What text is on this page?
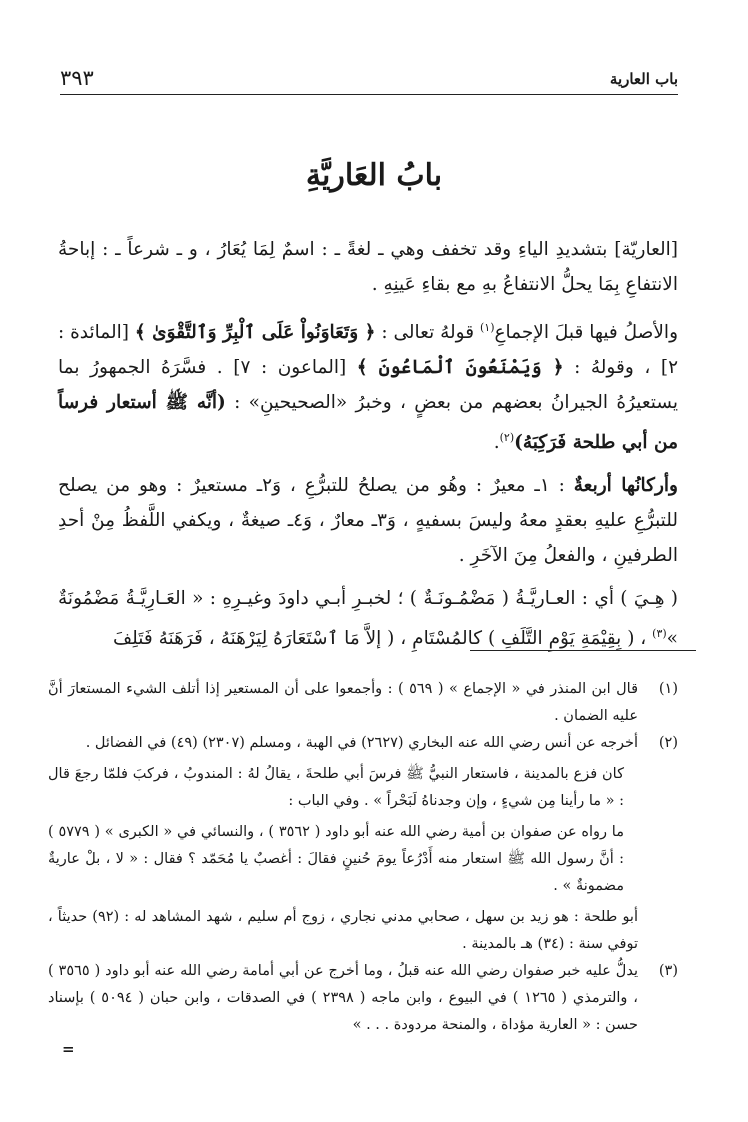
٣٩٣	باب العارية
بابُ العَاريَّةِ

[العاريّة] بتشديدِ الياءِ وقد تخفف وهي ـ لغةً ـ : اسمٌ لِمَا يُعَارُ ، و ـ شرعاً ـ : إباحةُ الانتفاعِ بِمَا يحلُّ الانتفاعُ بهِ مع بقاءِ عَينِهِ .

والأصلُ فيها قبلَ الإجماعِ$^{(١)}$ قولهُ تعالى : ﴿ وَتَعَاوَنُواْ عَلَى ٱلْبِرِّ وَٱلتَّقْوَىٰ ﴾ [المائدة : ٢] ، وقولهُ : ﴿ وَيَمْنَعُونَ ٱلْمَاعُونَ ﴾ [الماعون : ٧] . فسَّرَهُ الجمهورُ بما يستعيرُهُ الجيرانُ بعضهم من بعضٍ ، وخبرُ «الصحيحينِ» : (أنَّه ﷺ أستعار فرساً من أبي طلحة فَرَكِبَهُ)$^{(٢)}$.

وأركانُها أربعةٌ : ١ـ معيرٌ : وهُو من يصلحُ للتبرُّعِ ، وَ٢ـ مستعيرٌ : وهو من يصلح للتبرُّعِ عليهِ بعقدٍ معهُ وليسَ بسفيهٍ ، وَ٣ـ معارٌ ، وَ٤ـ صيغةٌ ، ويكفي اللَّفظُ مِنْ أحدِ الطرفينِ ، والفعلُ مِنَ الآخَرِ .

( هِـيَ ) أي : العـاريَّـةُ ( مَضْمُـونَـةٌ ) ؛ لخبـرِ أبـي داودَ وغيـرِهِ : « العَـارِيَّـةُ مَضْمُونَةٌ »$^{(٣)}$ ، ( بِقِيْمَةِ يَوْمِ التَّلَفِ ) كالمُسْتَامِ ، ( إلاَّ مَا ٱسْتَعَارَهُ لِيَرْهَنَهُ ، فَرَهَنَهُ فَتَلِفَ

(١)

قال ابن المنذر في « الإجماع » ( ٥٦٩ ) : وأجمعوا على أن المستعير إذا أتلف الشيء المستعارَ أنَّ عليه الضمان .

(٢)

أخرجه عن أنس رضي الله عنه البخاري (٢٦٢٧) في الهبة ، ومسلم (٢٣٠٧) (٤٩) في الفضائل .

كان فزع بالمدينة ، فاستعار النبيُّ ﷺ فرسَ أبي طلحةَ ، يقالُ لهُ : المندوبُ ، فركبَ فلمّا رجعَ قال : « ما رأينا مِن شيءٍ ، وإن وجدناهُ لَبَحْراً » . وفي الباب :

ما رواه عن صفوان بن أمية رضي الله عنه أبو داود ( ٣٥٦٢ ) ، والنسائي في « الكبرى » ( ٥٧٧٩ ) : أنَّ رسول الله ﷺ استعار منه أَدْرُعاً يومَ حُنينٍ فقالَ : أغصبٌ يا مُحَمّد ؟ فقال : « لا ، بلْ عاريةٌ مضمونةٌ » .

أبو طلحة : هو زيد بن سهل ، صحابي مدني نجاري ، زوج أم سليم ، شهد المشاهد له : (٩٢) حديثاً ، توفي سنة : (٣٤) هـ بالمدينة .

(٣)

يدلُّ عليه خبر صفوان رضي الله عنه قبلُ ، وما أخرج عن أبي أمامة رضي الله عنه أبو داود ( ٣٥٦٥ ) ، والترمذي ( ١٢٦٥ ) في البيوع ، وابن ماجه ( ٢٣٩٨ ) في الصدقات ، وابن حبان ( ٥٠٩٤ ) بإسناد حسن : « العارية مؤداة ، والمنحة مردودة . . . »

=
